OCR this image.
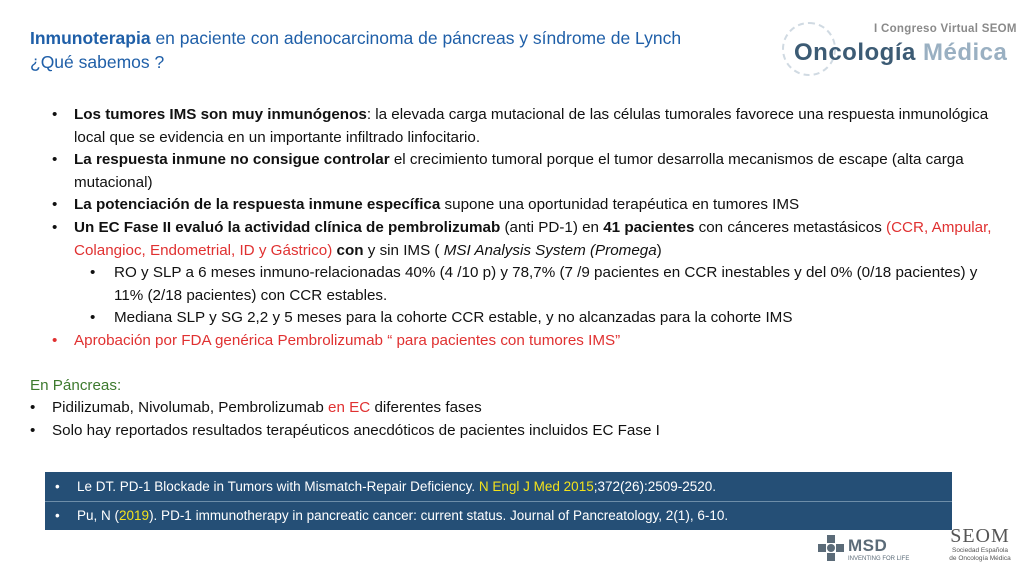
Inmunoterapia en paciente con adenocarcinoma de páncreas y síndrome de Lynch
¿Qué sabemos ?
I Congreso Virtual SEOM
Oncología Médica
• Los tumores IMS son muy inmunógenos: la elevada carga mutacional de las células tumorales favorece una respuesta inmunológica local que se evidencia en un importante infiltrado linfocitario.
• La respuesta inmune no consigue controlar el crecimiento tumoral porque el tumor desarrolla mecanismos de escape (alta carga mutacional)
• La potenciación de la respuesta inmune específica supone una oportunidad terapéutica en tumores IMS
• Un EC Fase II evaluó la actividad clínica de pembrolizumab (anti PD-1) en 41 pacientes con cánceres metastásicos (CCR, Ampular, Colangioc, Endometrial, ID y Gástrico) con y sin IMS ( MSI Analysis System (Promega)
• RO y SLP a 6 meses inmuno-relacionadas 40% (4 /10 p) y 78,7% (7 /9 pacientes en CCR inestables y del 0% (0/18 pacientes) y 11% (2/18 pacientes) con CCR estables.
• Mediana SLP y SG 2,2 y 5 meses para la cohorte CCR estable, y no alcanzadas para la cohorte IMS
• Aprobación por FDA genérica Pembrolizumab “ para pacientes con tumores IMS”
En Páncreas:
• Pidilizumab, Nivolumab, Pembrolizumab en EC diferentes fases
• Solo hay reportados resultados terapéuticos anecdóticos de pacientes incluidos EC Fase I
• Le DT. PD-1 Blockade in Tumors with Mismatch-Repair Deficiency. N Engl J Med 2015;372(26):2509-2520.
• Pu, N (2019). PD-1 immunotherapy in pancreatic cancer: current status. Journal of Pancreatology, 2(1), 6-10.
MSD
INVENTING FOR LIFE
SEOM
Sociedad Española
de Oncología Médica
